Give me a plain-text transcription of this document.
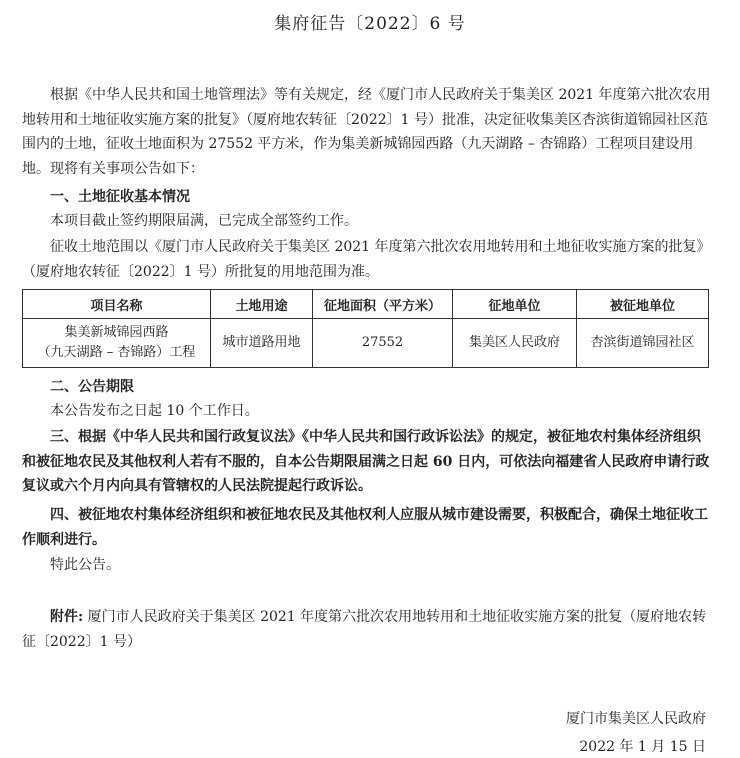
集府征告〔2022〕6 号

根据《中华人民共和国土地管理法》等有关规定，经《厦门市人民政府关于集美区 2021 年度第六批次农用地转用和土地征收实施方案的批复》（厦府地农转征〔2022〕1 号）批准，决定征收集美区杏滨街道锦园社区范围内的土地，征收土地面积为 27552 平方米，作为集美新城锦园西路（九天湖路 – 杏锦路）工程项目建设用地。现将有关事项公告如下：

一、土地征收基本情况

本项目截止签约期限届满，已完成全部签约工作。

征收土地范围以《厦门市人民政府关于集美区 2021 年度第六批次农用地转用和土地征收实施方案的批复》（厦府地农转征〔2022〕1 号）所批复的用地范围为准。

项目名称	土地用途	征地面积（平方米）	征地单位	被征地单位

集美新城锦园西路
（九天湖路 – 杏锦路）工程	城市道路用地	27552	集美区人民政府	杏滨街道锦园社区

二、公告期限

本公告发布之日起 10 个工作日。

三、根据《中华人民共和国行政复议法》《中华人民共和国行政诉讼法》的规定，被征地农村集体经济组织和被征地农民及其他权利人若有不服的，自本公告期限届满之日起 60 日内，可依法向福建省人民政府申请行政复议或六个月内向具有管辖权的人民法院提起行政诉讼。

四、被征地农村集体经济组织和被征地农民及其他权利人应服从城市建设需要，积极配合，确保土地征收工作顺利进行。

特此公告。

附件: 厦门市人民政府关于集美区 2021 年度第六批次农用地转用和土地征收实施方案的批复（厦府地农转征〔2022〕1 号）

厦门市集美区人民政府
2022 年 1 月 15 日
